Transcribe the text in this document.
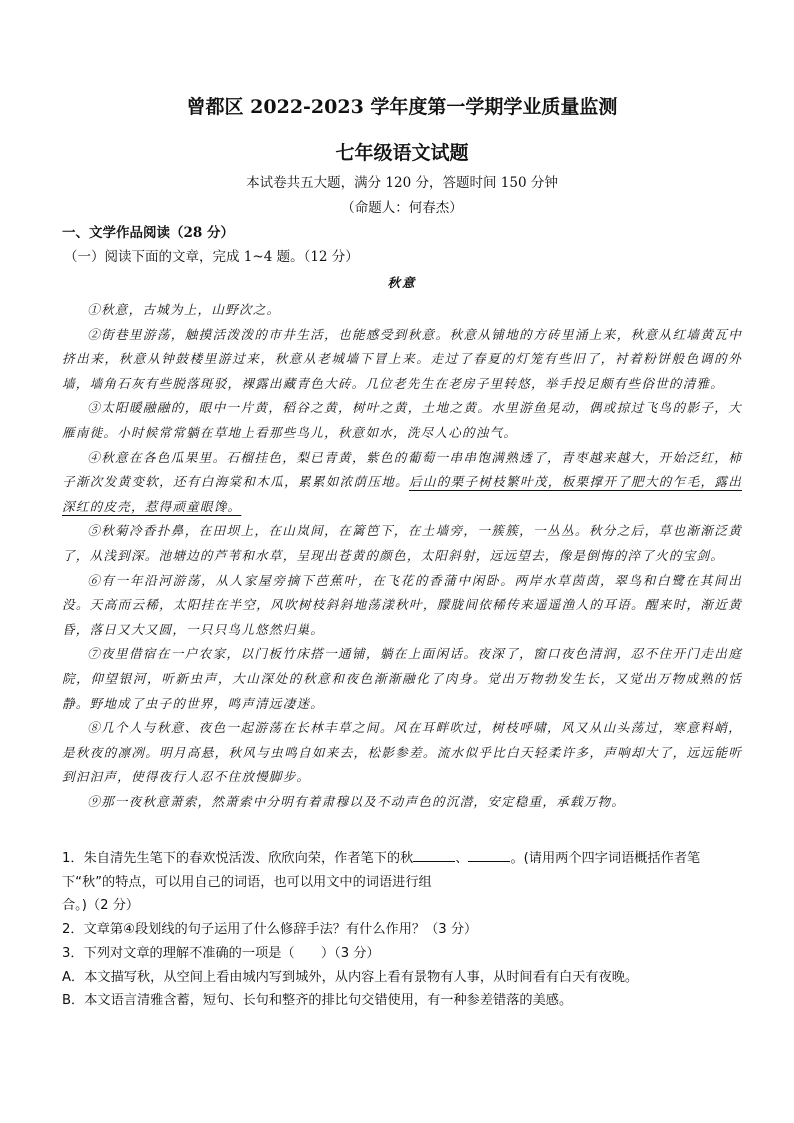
曾都区 2022-2023 学年度第一学期学业质量监测
七年级语文试题
本试卷共五大题，满分 120 分，答题时间 150 分钟
（命题人：何春杰）
一、文学作品阅读（28 分）
（一）阅读下面的文章，完成 1~4 题。（12 分）
秋意

①秋意，古城为上，山野次之。

②街巷里游荡，触摸活泼泼的市井生活，也能感受到秋意。秋意从铺地的方砖里涌上来，秋意从红墙黄瓦中挤出来，秋意从钟鼓楼里游过来，秋意从老城墙下冒上来。走过了春夏的灯笼有些旧了，衬着粉饼般色调的外墙，墙角石灰有些脱落斑驳，裸露出藏青色大砖。几位老先生在老房子里转悠，举手投足颇有些俗世的清雅。

③太阳暖融融的，眼中一片黄，稻谷之黄，树叶之黄，土地之黄。水里游鱼晃动，偶或掠过飞鸟的影子，大雁南徙。小时候常常躺在草地上看那些鸟儿，秋意如水，洗尽人心的浊气。

④秋意在各色瓜果里。石榴挂色，梨已青黄，紫色的葡萄一串串饱满熟透了，青枣越来越大，开始泛红，柿子渐次发黄变软，还有白海棠和木瓜，累累如浓荫压地。后山的栗子树枝繁叶茂，板栗撑开了肥大的乍毛，露出深红的皮壳，惹得顽童眼馋。

⑤秋菊冷香扑鼻，在田坝上，在山岚间，在篱笆下，在土墙旁，一簇簇，一丛丛。秋分之后，草也渐渐泛黄了，从浅到深。池塘边的芦苇和水草，呈现出苍黄的颜色，太阳斜射，远远望去，像是倒悔的淬了火的宝剑。

⑥有一年沿河游荡，从人家屋旁摘下芭蕉叶，在飞花的香蒲中闲卧。两岸水草茵茵，翠鸟和白鹭在其间出没。天高而云稀，太阳挂在半空，风吹树枝斜斜地荡漾秋叶，朦胧间依稀传来遥遥渔人的耳语。醒来时，渐近黄昏，落日又大又圆，一只只鸟儿悠然归巢。

⑦夜里借宿在一户农家，以门板竹床搭一通铺，躺在上面闲话。夜深了，窗口夜色清润，忍不住开门走出庭院，仰望银河，听新虫声，大山深处的秋意和夜色渐渐融化了肉身。觉出万物勃发生长，又觉出万物成熟的恬静。野地成了虫子的世界，鸣声清远凄迷。

⑧几个人与秋意、夜色一起游荡在长林丰草之间。风在耳畔吹过，树枝呼啸，风又从山头荡过，寒意料峭，是秋夜的凛冽。明月高悬，秋风与虫鸣自如来去，松影参差。流水似乎比白天轻柔许多，声响却大了，远远能听到汩汩声，使得夜行人忍不住放慢脚步。

⑨那一夜秋意萧索，然萧索中分明有着肃穆以及不动声色的沉潜，安定稳重，承载万物。

1．朱自清先生笔下的春欢悦活泼、欣欣向荣，作者笔下的秋	、	。(请用两个四字词语概括作者笔下“秋”的特点，可以用自己的词语，也可以用文中的词语进行组

合。)（2 分）

2．文章第④段划线的句子运用了什么修辞手法？有什么作用？（3 分）

3．下列对文章的理解不准确的一项是（　　）（3 分）

A．本文描写秋，从空间上看由城内写到城外，从内容上看有景物有人事，从时间看有白天有夜晚。

B．本文语言清雅含蓄，短句、长句和整齐的排比句交错使用，有一种参差错落的美感。
